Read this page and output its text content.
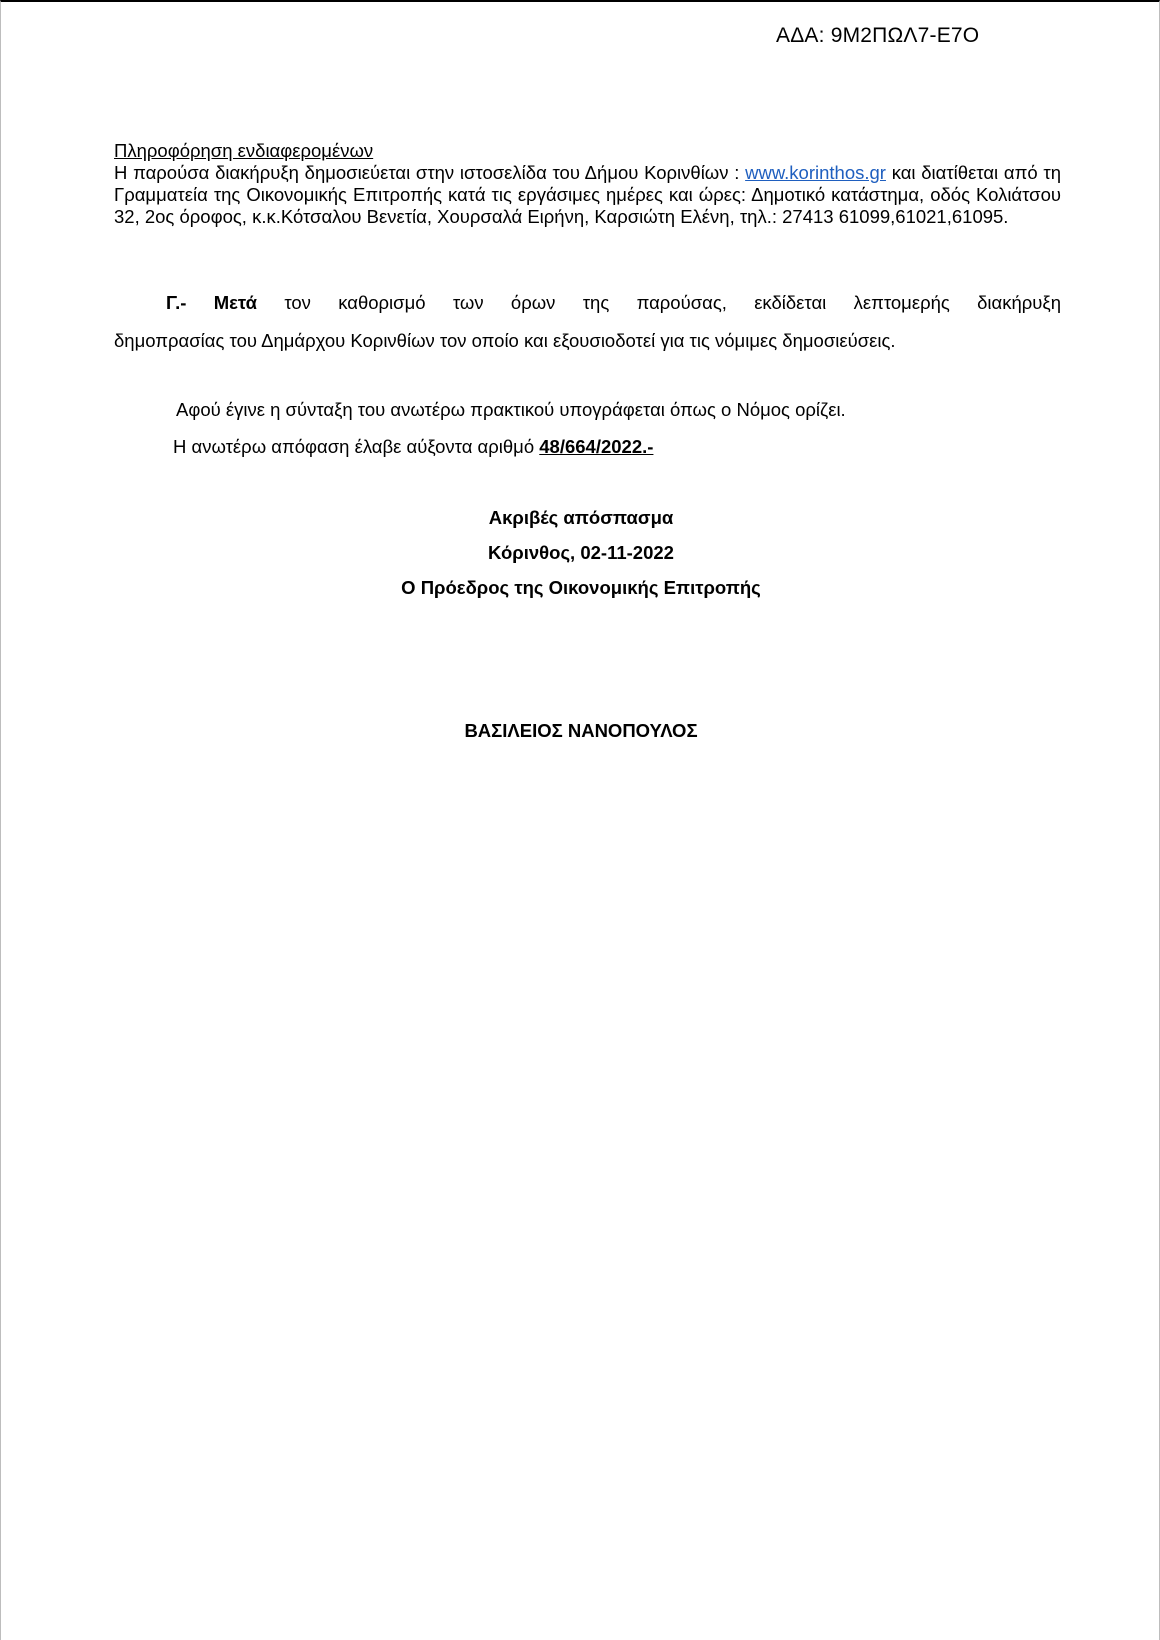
ΑΔΑ: 9Μ2ΠΩΛ7-Ε7Ο
Πληροφόρηση ενδιαφερομένων
Η παρούσα διακήρυξη δημοσιεύεται στην ιστοσελίδα του Δήμου Κορινθίων : www.korinthos.gr και διατίθεται από τη Γραμματεία της Οικονομικής Επιτροπής κατά τις εργάσιμες ημέρες και ώρες: Δημοτικό κατάστημα, οδός Κολιάτσου 32, 2ος όροφος, κ.κ.Κότσαλου Βενετία, Χουρσαλά Ειρήνη, Καρσιώτη Ελένη, τηλ.: 27413 61099,61021,61095.
Γ.- Μετά τον καθορισμό των όρων της παρούσας, εκδίδεται λεπτομερής διακήρυξη
δημοπρασίας του Δημάρχου Κορινθίων τον οποίο και εξουσιοδοτεί για τις νόμιμες δημοσιεύσεις.
Αφού έγινε η σύνταξη του ανωτέρω πρακτικού υπογράφεται όπως ο Νόμος ορίζει.
Η ανωτέρω απόφαση έλαβε αύξοντα αριθμό 48/664/2022.-
Ακριβές απόσπασμα
Κόρινθος, 02-11-2022
Ο Πρόεδρος της Οικονομικής Επιτροπής
ΒΑΣΙΛΕΙΟΣ ΝΑΝΟΠΟΥΛΟΣ
